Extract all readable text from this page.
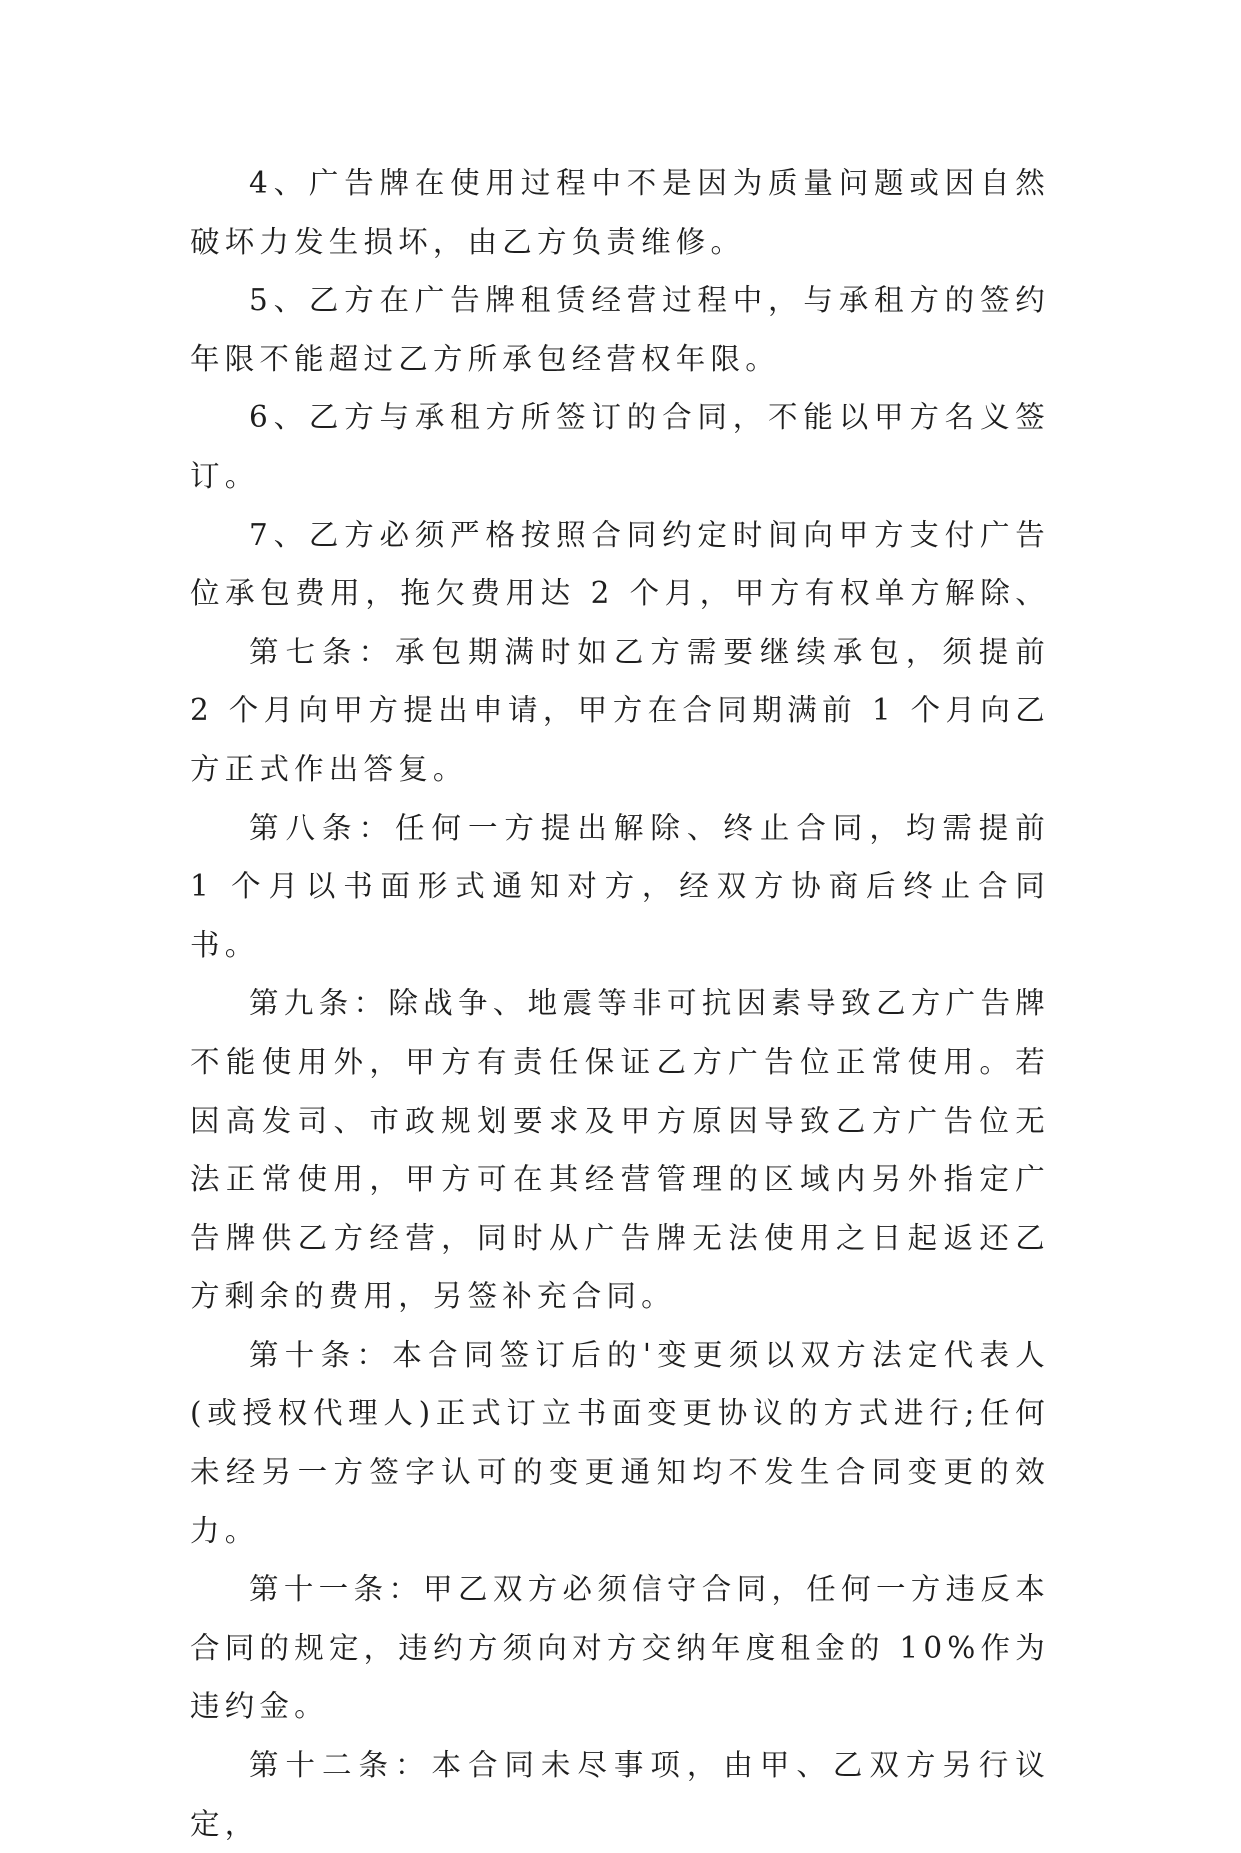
4、广告牌在使用过程中不是因为质量问题或因自然破坏力发生损坏，由乙方负责维修。

5、乙方在广告牌租赁经营过程中，与承租方的签约年限不能超过乙方所承包经营权年限。

6、乙方与承租方所签订的合同，不能以甲方名义签订。

7、乙方必须严格按照合同约定时间向甲方支付广告位承包费用，拖欠费用达 2 个月，甲方有权单方解除、

第七条：承包期满时如乙方需要继续承包，须提前 2 个月向甲方提出申请，甲方在合同期满前 1 个月向乙方正式作出答复。

第八条：任何一方提出解除、终止合同，均需提前 1 个月以书面形式通知对方，经双方协商后终止合同书。

第九条：除战争、地震等非可抗因素导致乙方广告牌不能使用外，甲方有责任保证乙方广告位正常使用。若因高发司、市政规划要求及甲方原因导致乙方广告位无法正常使用，甲方可在其经营管理的区域内另外指定广告牌供乙方经营，同时从广告牌无法使用之日起返还乙方剩余的费用，另签补充合同。

第十条：本合同签订后的'变更须以双方法定代表人(或授权代理人)正式订立书面变更协议的方式进行;任何未经另一方签字认可的变更通知均不发生合同变更的效力。

第十一条：甲乙双方必须信守合同，任何一方违反本合同的规定，违约方须向对方交纳年度租金的 10%作为违约金。

第十二条：本合同未尽事项，由甲、乙双方另行议定，
